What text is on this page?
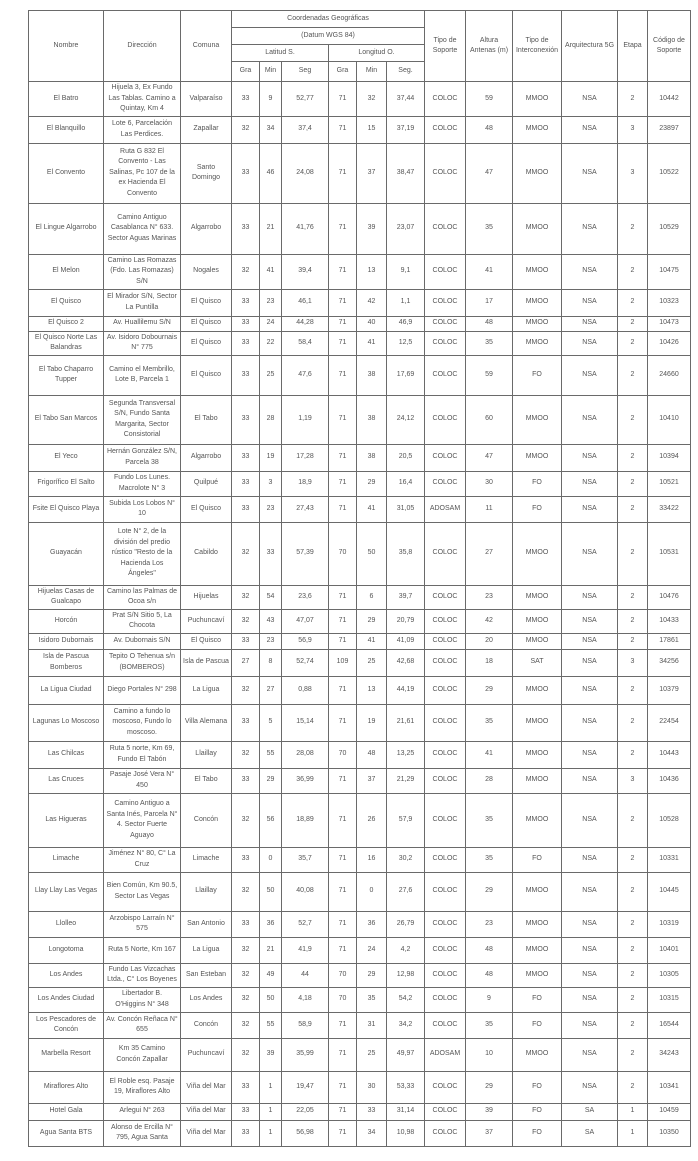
Nombre	Dirección	Comuna	Coordenadas Geográficas						Tipo de Soporte	Altura Antenas (m)	Tipo de Interconexión	Arquitectura 5G	Etapa	Código de Soporte
			(Datum WGS 84)											
			Latitud S.			Longitud O.								
			Gra	Min	Seg	Gra	Min	Seg.						
El Batro	Hijuela 3, Ex Fundo Las Tablas. Camino a Quintay, Km 4	Valparaíso	33	9	52,77	71	32	37,44	COLOC	59	MMOO	NSA	2	10442
El Blanquillo	Lote 6, Parcelación Las Perdices.	Zapallar	32	34	37,4	71	15	37,19	COLOC	48	MMOO	NSA	3	23897
El Convento	Ruta G 832 El Convento - Las Salinas, Pc 107 de la ex Hacienda El Convento	Santo Domingo	33	46	24,08	71	37	38,47	COLOC	47	MMOO	NSA	3	10522
El Lingue Algarrobo	Camino Antiguo Casablanca N° 633. Sector Aguas Marinas	Algarrobo	33	21	41,76	71	39	23,07	COLOC	35	MMOO	NSA	2	10529
El Melon	Camino Las Romazas (Fdo. Las Romazas) S/N	Nogales	32	41	39,4	71	13	9,1	COLOC	41	MMOO	NSA	2	10475
El Quisco	El Mirador S/N, Sector La Puntilla	El Quisco	33	23	46,1	71	42	1,1	COLOC	17	MMOO	NSA	2	10323
El Quisco 2	Av. Huallilemu S/N	El Quisco	33	24	44,28	71	40	46,9	COLOC	48	MMOO	NSA	2	10473
El Quisco Norte Las Balandras	Av. Isidoro Dobournais N° 775	El Quisco	33	22	58,4	71	41	12,5	COLOC	35	MMOO	NSA	2	10426
El Tabo Chaparro Tupper	Camino el Membrillo, Lote B, Parcela 1	El Quisco	33	25	47,6	71	38	17,69	COLOC	59	FO	NSA	2	24660
El Tabo San Marcos	Segunda Transversal S/N, Fundo Santa Margarita, Sector Consistorial	El Tabo	33	28	1,19	71	38	24,12	COLOC	60	MMOO	NSA	2	10410
El Yeco	Hernán González S/N, Parcela 38	Algarrobo	33	19	17,28	71	38	20,5	COLOC	47	MMOO	NSA	2	10394
Frigorífico El Salto	Fundo Los Lunes. Macrolote N° 3	Quilpué	33	3	18,9	71	29	16,4	COLOC	30	FO	NSA	2	10521
Fsite El Quisco Playa	Subida Los Lobos N° 10	El Quisco	33	23	27,43	71	41	31,05	ADOSAM	11	FO	NSA	2	33422
Guayacán	Lote N° 2, de la división del predio rústico "Resto de la Hacienda Los Ángeles"	Cabildo	32	33	57,39	70	50	35,8	COLOC	27	MMOO	NSA	2	10531
Hijuelas Casas de Gualcapo	Camino las Palmas de Ocoa s/n	Hijuelas	32	54	23,6	71	6	39,7	COLOC	23	MMOO	NSA	2	10476
Horcón	Prat S/N Sitio 5, La Chocota	Puchuncaví	32	43	47,07	71	29	20,79	COLOC	42	MMOO	NSA	2	10433
Isidoro Dubornais	Av. Dubornais S/N	El Quisco	33	23	56,9	71	41	41,09	COLOC	20	MMOO	NSA	2	17861
Isla de Pascua Bomberos	Tepito O Tehenua s/n (BOMBEROS)	Isla de Pascua	27	8	52,74	109	25	42,68	COLOC	18	SAT	NSA	3	34256
La Ligua Ciudad	Diego Portales N° 298	La Ligua	32	27	0,88	71	13	44,19	COLOC	29	MMOO	NSA	2	10379
Lagunas Lo Moscoso	Camino a fundo lo moscoso, Fundo lo moscoso.	Villa Alemana	33	5	15,14	71	19	21,61	COLOC	35	MMOO	NSA	2	22454
Las Chilcas	Ruta 5 norte, Km 69, Fundo El Tabón	Llaillay	32	55	28,08	70	48	13,25	COLOC	41	MMOO	NSA	2	10443
Las Cruces	Pasaje José Vera N° 450	El Tabo	33	29	36,99	71	37	21,29	COLOC	28	MMOO	NSA	3	10436
Las Higueras	Camino Antiguo a Santa Inés, Parcela N° 4. Sector Fuerte Aguayo	Concón	32	56	18,89	71	26	57,9	COLOC	35	MMOO	NSA	2	10528
Limache	Jiménez N° 80, C° La Cruz	Limache	33	0	35,7	71	16	30,2	COLOC	35	FO	NSA	2	10331
Llay Llay Las Vegas	Bien Común, Km 90.5, Sector Las Vegas	Llaillay	32	50	40,08	71	0	27,6	COLOC	29	MMOO	NSA	2	10445
Llolleo	Arzobispo Larraín N° 575	San Antonio	33	36	52,7	71	36	26,79	COLOC	23	MMOO	NSA	2	10319
Longotoma	Ruta 5 Norte, Km 167	La Ligua	32	21	41,9	71	24	4,2	COLOC	48	MMOO	NSA	2	10401
Los Andes	Fundo Las Vizcachas Ltda., C° Los Boyenes	San Esteban	32	49	44	70	29	12,98	COLOC	48	MMOO	NSA	2	10305
Los Andes Ciudad	Libertador B. O'Higgins N° 348	Los Andes	32	50	4,18	70	35	54,2	COLOC	9	FO	NSA	2	10315
Los Pescadores de Concón	Av. Concón Reñaca N° 655	Concón	32	55	58,9	71	31	34,2	COLOC	35	FO	NSA	2	16544
Marbella Resort	Km 35 Camino Concón Zapallar	Puchuncaví	32	39	35,99	71	25	49,97	ADOSAM	10	MMOO	NSA	2	34243
Miraflores Alto	El Roble esq. Pasaje 19, Miraflores Alto	Viña del Mar	33	1	19,47	71	30	53,33	COLOC	29	FO	NSA	2	10341
Hotel Gala	Arlegui N° 263	Viña del Mar	33	1	22,05	71	33	31,14	COLOC	39	FO	SA	1	10459
Agua Santa BTS	Alonso de Ercilla N° 795, Agua Santa	Viña del Mar	33	1	56,98	71	34	10,98	COLOC	37	FO	SA	1	10350
